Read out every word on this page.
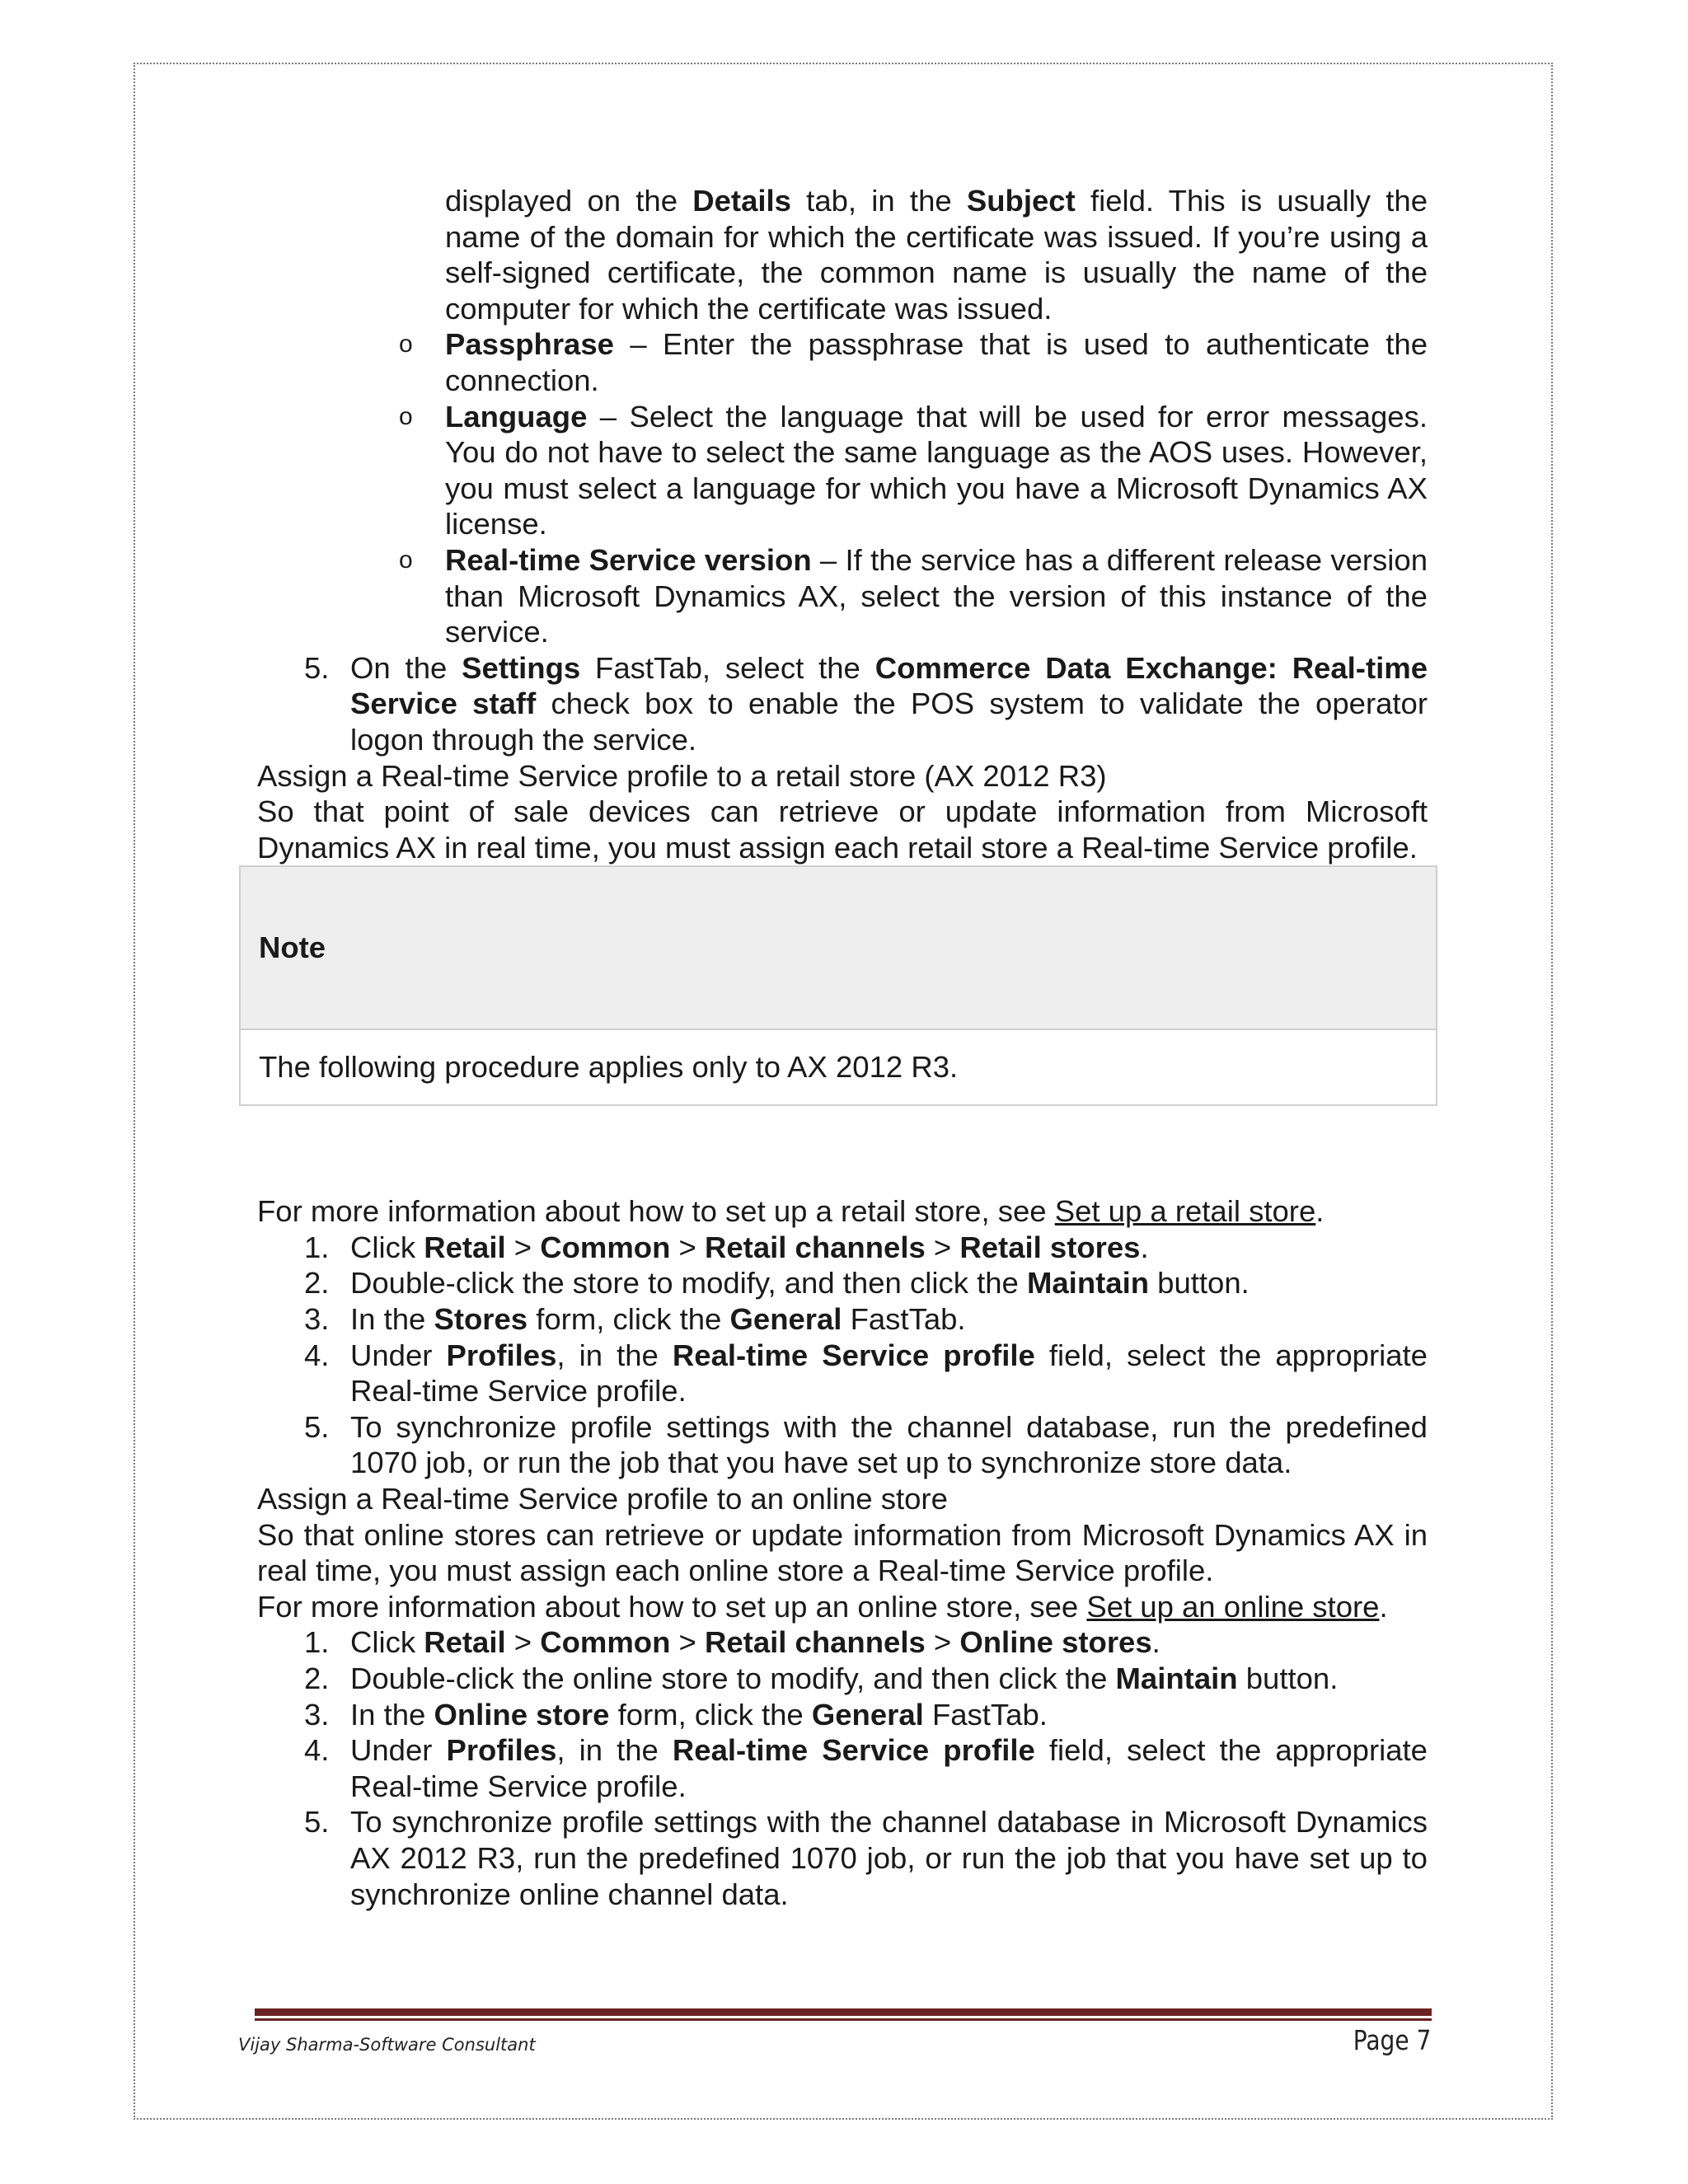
displayed on the Details tab, in the Subject field. This is usually the name of the domain for which the certificate was issued. If you’re using a self-signed certificate, the common name is usually the name of the computer for which the certificate was issued.

o Passphrase – Enter the passphrase that is used to authenticate the connection.

o Language – Select the language that will be used for error messages. You do not have to select the same language as the AOS uses. However, you must select a language for which you have a Microsoft Dynamics AX license.

o Real-time Service version – If the service has a different release version than Microsoft Dynamics AX, select the version of this instance of the service.

5. On the Settings FastTab, select the Commerce Data Exchange: Real-time Service staff check box to enable the POS system to validate the operator logon through the service.

Assign a Real-time Service profile to a retail store (AX 2012 R3)

So that point of sale devices can retrieve or update information from Microsoft Dynamics AX in real time, you must assign each retail store a Real-time Service profile.

Note
The following procedure applies only to AX 2012 R3.

For more information about how to set up a retail store, see Set up a retail store.

1. Click Retail > Common > Retail channels > Retail stores.

2. Double-click the store to modify, and then click the Maintain button.

3. In the Stores form, click the General FastTab.

4. Under Profiles, in the Real-time Service profile field, select the appropriate Real-time Service profile.

5. To synchronize profile settings with the channel database, run the predefined 1070 job, or run the job that you have set up to synchronize store data.

Assign a Real-time Service profile to an online store

So that online stores can retrieve or update information from Microsoft Dynamics AX in real time, you must assign each online store a Real-time Service profile.

For more information about how to set up an online store, see Set up an online store.

1. Click Retail > Common > Retail channels > Online stores.

2. Double-click the online store to modify, and then click the Maintain button.

3. In the Online store form, click the General FastTab.

4. Under Profiles, in the Real-time Service profile field, select the appropriate Real-time Service profile.

5. To synchronize profile settings with the channel database in Microsoft Dynamics AX 2012 R3, run the predefined 1070 job, or run the job that you have set up to synchronize online channel data.

Vijay Sharma-Software Consultant	Page 7
